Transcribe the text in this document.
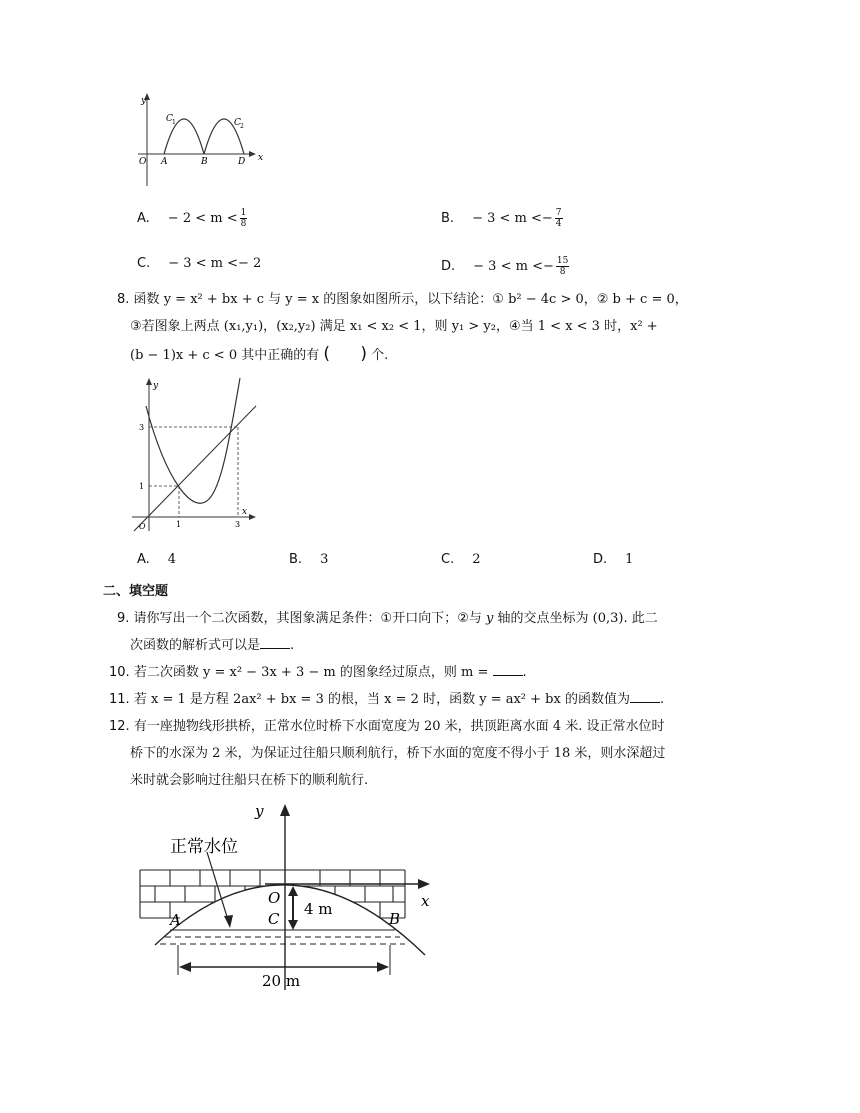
y
x
O A	B	D
C 1	C 2
A. − $2 < m < \frac{1}{8}$	B. − $3 < m <- \frac{7}{4}$
C. − 3 < m <− 2	D. − $3 < m <- \frac{15}{8}$
8. 函数 y = x² + bx + c 与 y = x 的图象如图所示，以下结论：① b² − 4c > 0，② b + c = 0，
③若图象上两点 (x₁,y₁)，(x₂,y₂) 满足 x₁ < x₂ < 1，则 y₁ > y₂，④当 1 < x < 3 时，x² +
(b − 1)x + c < 0 其中正确的有 ( ) 个.
y
x
O	1	3
1
3
A. 4	B. 3	C. 2	D. 1
二、填空题
9. 请你写出一个二次函数，其图象满足条件：①开口向下；②与 y 轴的交点坐标为 (0,3). 此二
次函数的解析式可以是 .
10. 若二次函数 y = x² − 3x + 3 − m 的图象经过原点，则 m =	.
11. 若 x = 1 是方程 2ax² + bx = 3 的根，当 x = 2 时，函数 y = ax² + bx 的函数值为 .
12. 有一座抛物线形拱桥，正常水位时桥下水面宽度为 20 米，拱顶距离水面 4 米. 设正常水位时
桥下的水深为 2 米，为保证过往船只顺利航行，桥下水面的宽度不得小于 18 米，则水深超过
米时就会影响过往船只在桥下的顺利航行.
y
x
O
C
A	B
4 m
20 m
正常水位
